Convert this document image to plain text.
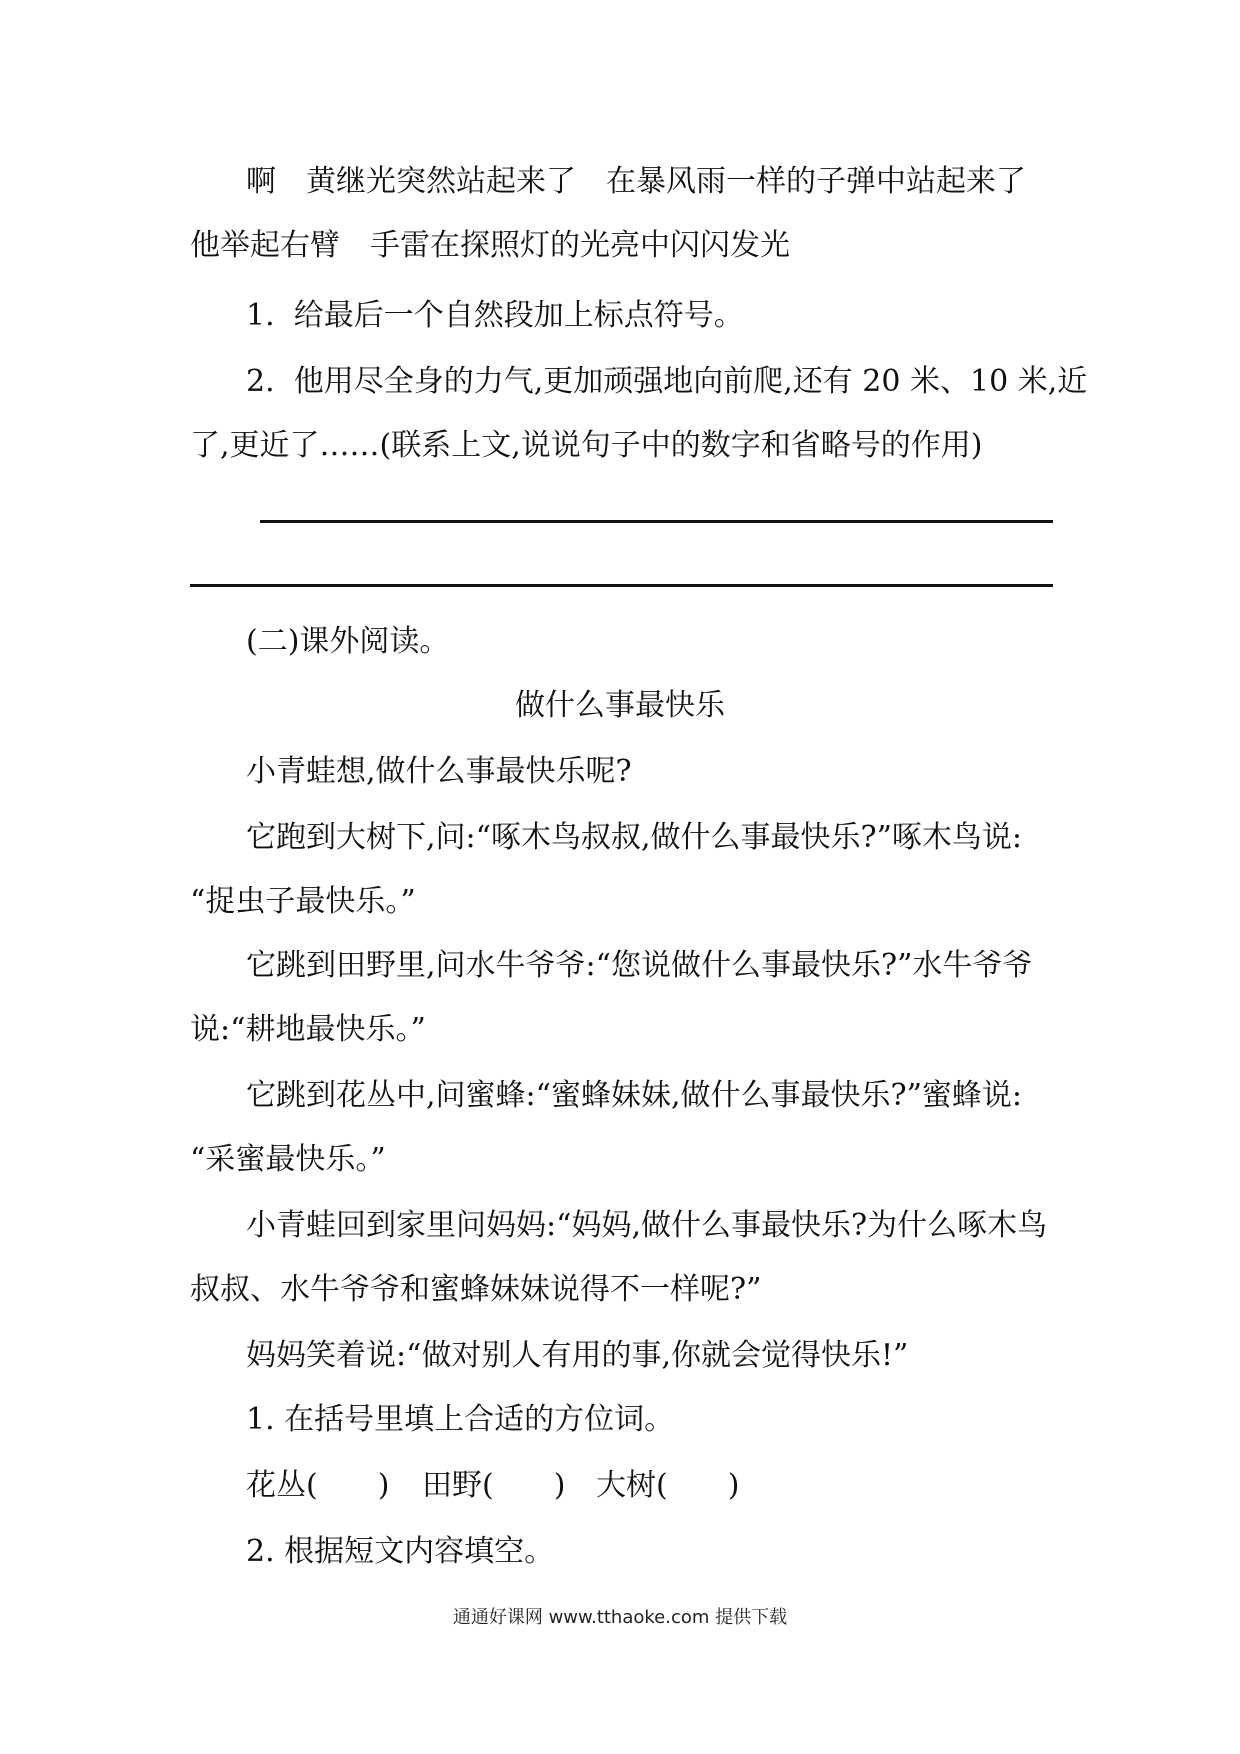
啊　黄继光突然站起来了　在暴风雨一样的子弹中站起来了
他举起右臂　手雷在探照灯的光亮中闪闪发光
1.  给最后一个自然段加上标点符号。
2.  他用尽全身的力气,更加顽强地向前爬,还有 20 米、10 米,近
了,更近了……(联系上文,说说句子中的数字和省略号的作用)
(二)课外阅读。
做什么事最快乐
小青蛙想,做什么事最快乐呢?
它跑到大树下,问:“啄木鸟叔叔,做什么事最快乐?”啄木鸟说:
“捉虫子最快乐。”
它跳到田野里,问水牛爷爷:“您说做什么事最快乐?”水牛爷爷
说:“耕地最快乐。”
它跳到花丛中,问蜜蜂:“蜜蜂妹妹,做什么事最快乐?”蜜蜂说:
“采蜜最快乐。”
小青蛙回到家里问妈妈:“妈妈,做什么事最快乐?为什么啄木鸟
叔叔、水牛爷爷和蜜蜂妹妹说得不一样呢?”
妈妈笑着说:“做对别人有用的事,你就会觉得快乐!”
1. 在括号里填上合适的方位词。
花丛(　　) 田野(　　) 大树(　　)
2. 根据短文内容填空。
通通好课网 www.tthaoke.com 提供下载
